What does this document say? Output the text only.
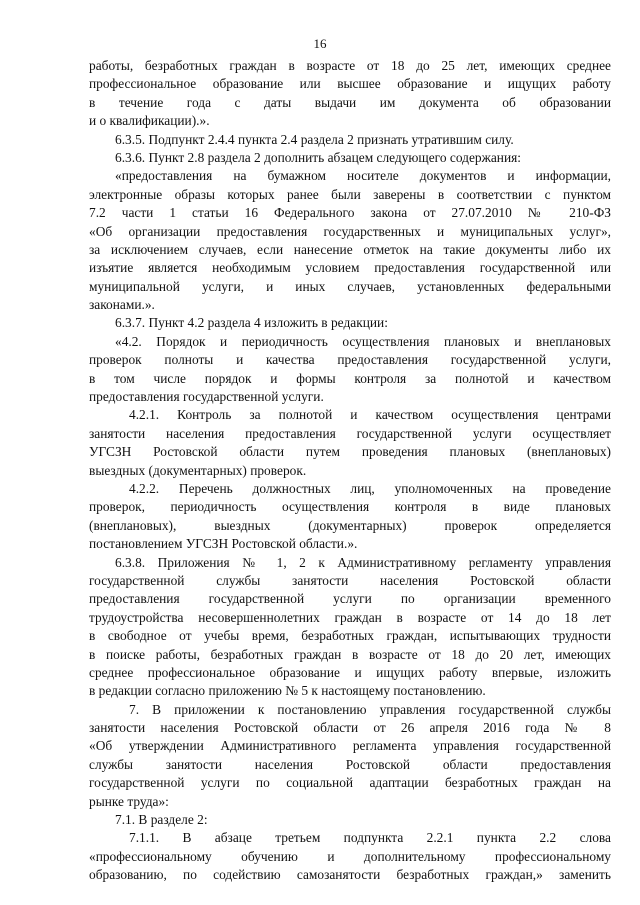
16
работы, безработных граждан в возрасте от 18 до 25 лет, имеющих среднее
профессиональное образование или высшее образование и ищущих работу
в течение года с даты выдачи им документа об образовании
и о квалификации).».
6.3.5. Подпункт 2.4.4 пункта 2.4 раздела 2 признать утратившим силу.
6.3.6. Пункт 2.8 раздела 2 дополнить абзацем следующего содержания:
«предоставления на бумажном носителе документов и информации,
электронные образы которых ранее были заверены в соответствии с пунктом
7.2 части 1 статьи 16 Федерального закона от 27.07.2010 № 210-ФЗ
«Об организации предоставления государственных и муниципальных услуг»,
за исключением случаев, если нанесение отметок на такие документы либо их
изъятие является необходимым условием предоставления государственной или
муниципальной услуги, и иных случаев, установленных федеральными
законами.».
6.3.7. Пункт 4.2 раздела 4 изложить в редакции:
«4.2. Порядок и периодичность осуществления плановых и внеплановых
проверок полноты и качества предоставления государственной услуги,
в том числе порядок и формы контроля за полнотой и качеством
предоставления государственной услуги.
4.2.1. Контроль за полнотой и качеством осуществления центрами
занятости населения предоставления государственной услуги осуществляет
УГСЗН Ростовской области путем проведения плановых (внеплановых)
выездных (документарных) проверок.
4.2.2. Перечень должностных лиц, уполномоченных на проведение
проверок, периодичность осуществления контроля в виде плановых
(внеплановых), выездных (документарных) проверок определяется
постановлением УГСЗН Ростовской области.».
6.3.8. Приложения № 1, 2 к Административному регламенту управления
государственной службы занятости населения Ростовской области
предоставления государственной услуги по организации временного
трудоустройства несовершеннолетних граждан в возрасте от 14 до 18 лет
в свободное от учебы время, безработных граждан, испытывающих трудности
в поиске работы, безработных граждан в возрасте от 18 до 20 лет, имеющих
среднее профессиональное образование и ищущих работу впервые, изложить
в редакции согласно приложению № 5 к настоящему постановлению.
7. В приложении к постановлению управления государственной службы
занятости населения Ростовской области от 26 апреля 2016 года № 8
«Об утверждении Административного регламента управления государственной
службы занятости населения Ростовской области предоставления
государственной услуги по социальной адаптации безработных граждан на
рынке труда»:
7.1. В разделе 2:
7.1.1. В абзаце третьем подпункта 2.2.1 пункта 2.2 слова
«профессиональному обучению и дополнительному профессиональному
образованию, по содействию самозанятости безработных граждан,» заменить
